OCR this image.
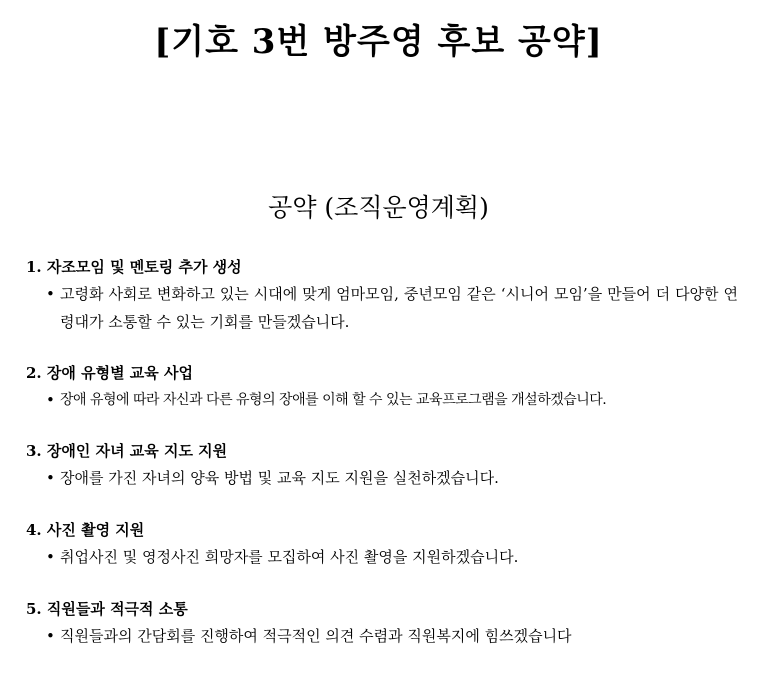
[기호 3번 방주영 후보 공약]
공약 (조직운영계획)
1. 자조모임 및 멘토링 추가 생성
• 고령화 사회로 변화하고 있는 시대에 맞게 엄마모임, 중년모임 같은 ‘시니어 모임’을 만들어 더 다양한 연령대가 소통할 수 있는 기회를 만들겠습니다.
2. 장애 유형별 교육 사업
• 장애 유형에 따라 자신과 다른 유형의 장애를 이해 할 수 있는 교육프로그램을 개설하겠습니다.
3. 장애인 자녀 교육 지도 지원
• 장애를 가진 자녀의 양육 방법 및 교육 지도 지원을 실천하겠습니다.
4. 사진 촬영 지원
• 취업사진 및 영정사진 희망자를 모집하여 사진 촬영을 지원하겠습니다.
5. 직원들과 적극적 소통
• 직원들과의 간담회를 진행하여 적극적인 의견 수렴과 직원복지에 힘쓰겠습니다
